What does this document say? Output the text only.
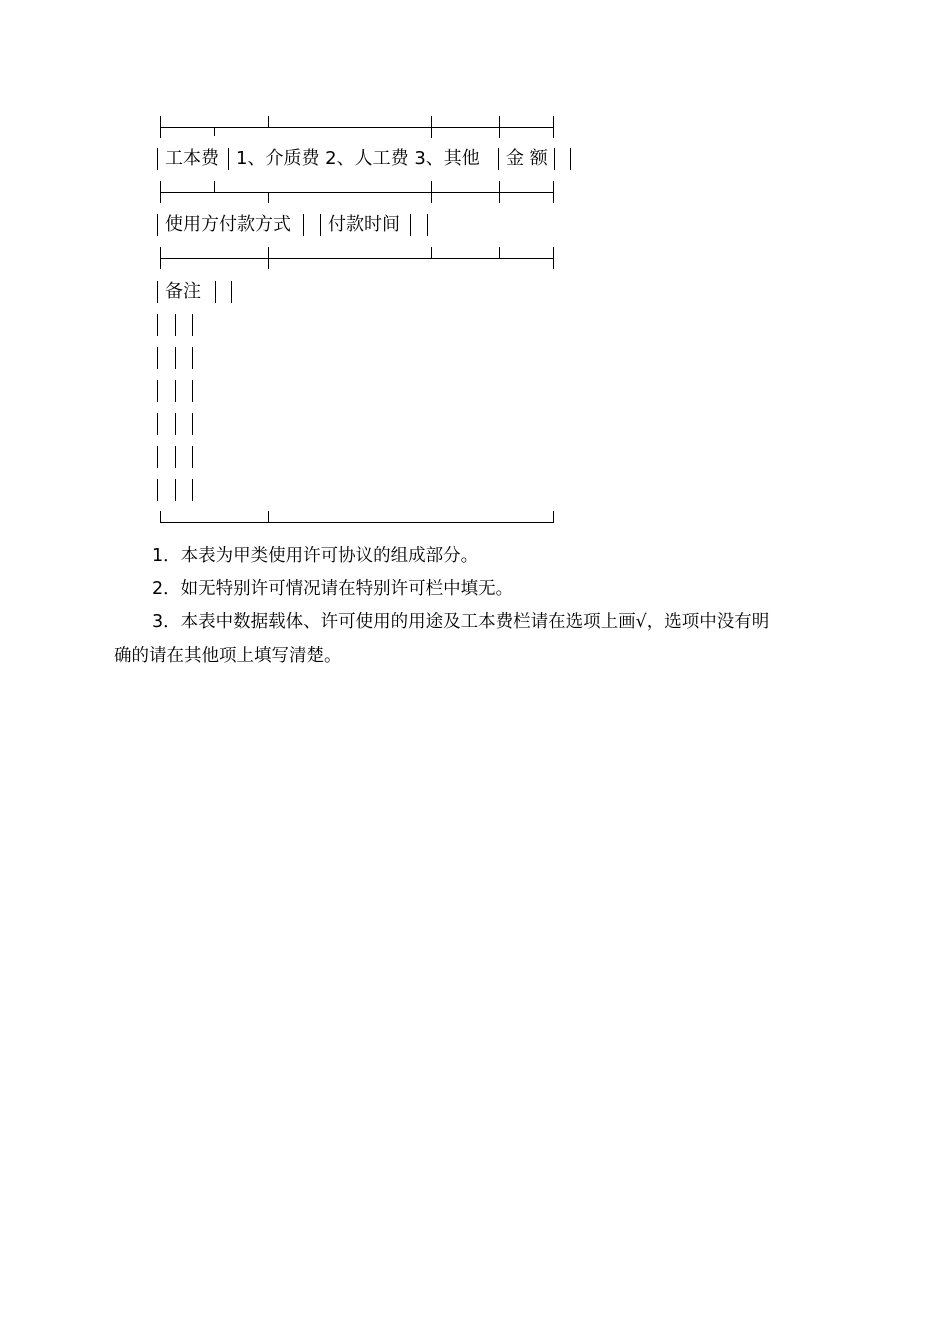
工本费 1、介质费 2、人工费 3、其他 金 额
使用方付款方式 付款时间
备注
1．本表为甲类使用许可协议的组成部分。
2．如无特别许可情况请在特别许可栏中填无。
3．本表中数据载体、许可使用的用途及工本费栏请在选项上画√，选项中没有明
确的请在其他项上填写清楚。
